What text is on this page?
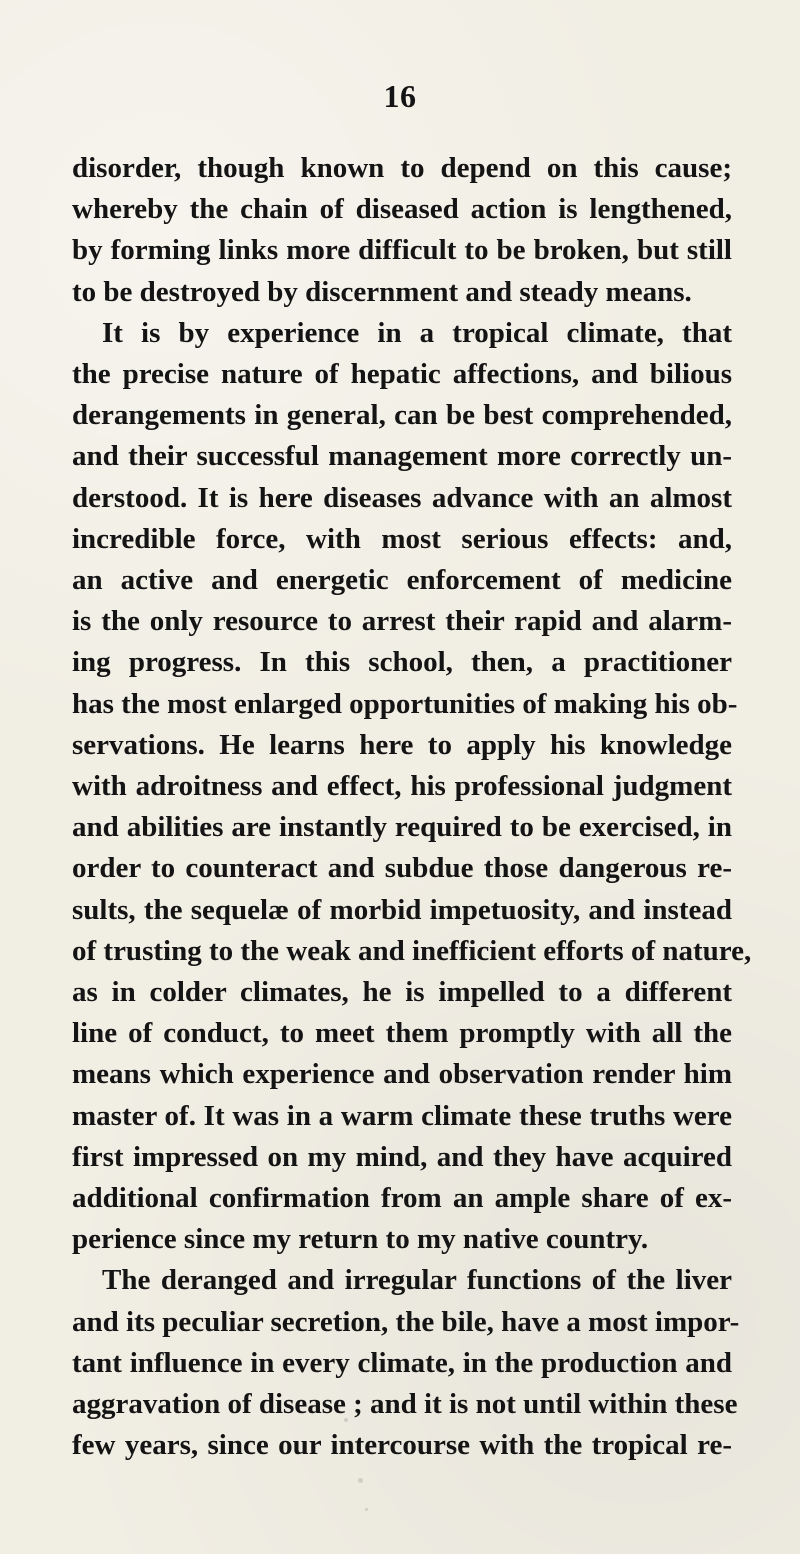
16
disorder, though known to depend on this cause;
whereby the chain of diseased action is lengthened,
by forming links more difficult to be broken, but still
to be destroyed by discernment and steady means.
It is by experience in a tropical climate, that
the precise nature of hepatic affections, and bilious
derangements in general, can be best comprehended,
and their successful management more correctly un-
derstood. It is here diseases advance with an almost
incredible force, with most serious effects: and,
an active and energetic enforcement of medicine
is the only resource to arrest their rapid and alarm-
ing progress. In this school, then, a practitioner
has the most enlarged opportunities of making his ob-
servations. He learns here to apply his knowledge
with adroitness and effect, his professional judgment
and abilities are instantly required to be exercised, in
order to counteract and subdue those dangerous re-
sults, the sequelæ of morbid impetuosity, and instead
of trusting to the weak and inefficient efforts of nature,
as in colder climates, he is impelled to a different
line of conduct, to meet them promptly with all the
means which experience and observation render him
master of. It was in a warm climate these truths were
first impressed on my mind, and they have acquired
additional confirmation from an ample share of ex-
perience since my return to my native country.
The deranged and irregular functions of the liver
and its peculiar secretion, the bile, have a most impor-
tant influence in every climate, in the production and
aggravation of disease ; and it is not until within these
few years, since our intercourse with the tropical re-
